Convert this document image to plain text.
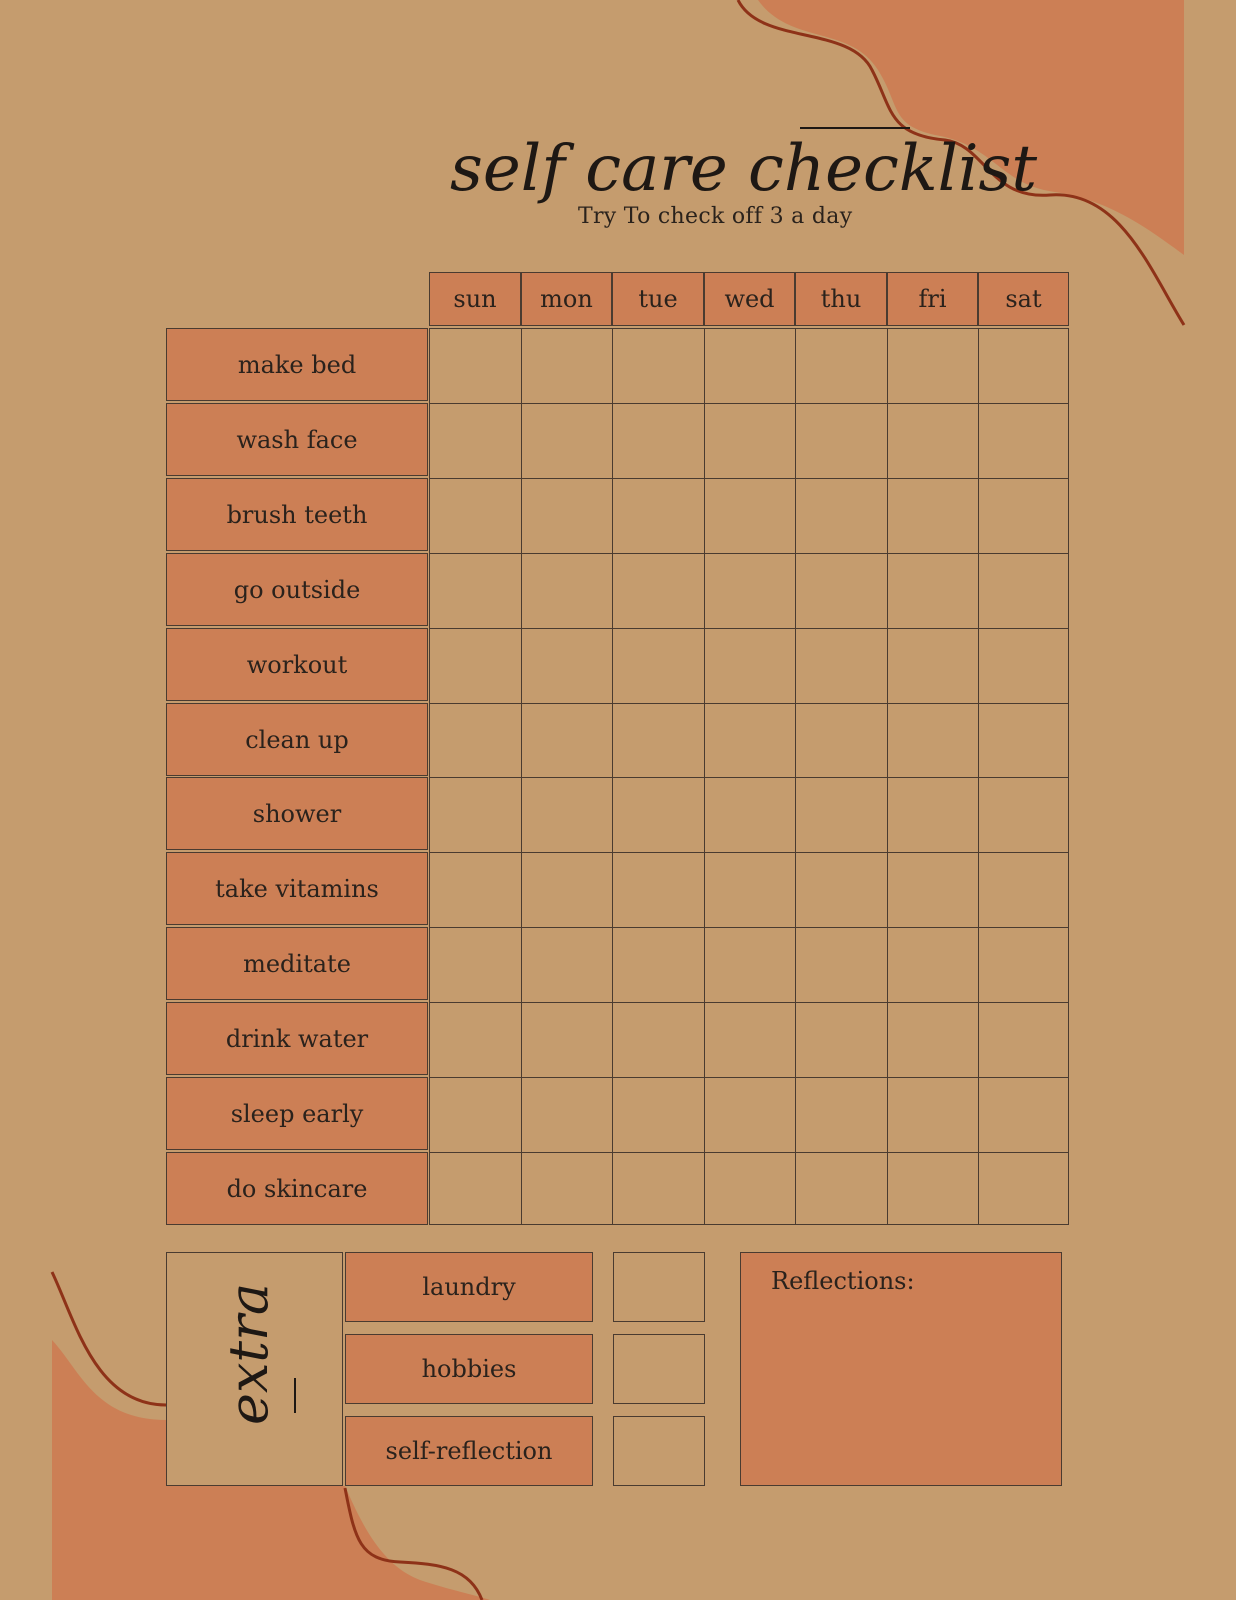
self care checklist
Try To check off 3 a day
sun	mon	tue	wed	thu	fri	sat
make bed
wash face
brush teeth
go outside
workout
clean up
shower
take vitamins
meditate
drink water
sleep early
do skincare
extra	laundry
hobbies
self-reflection
Reflections:
